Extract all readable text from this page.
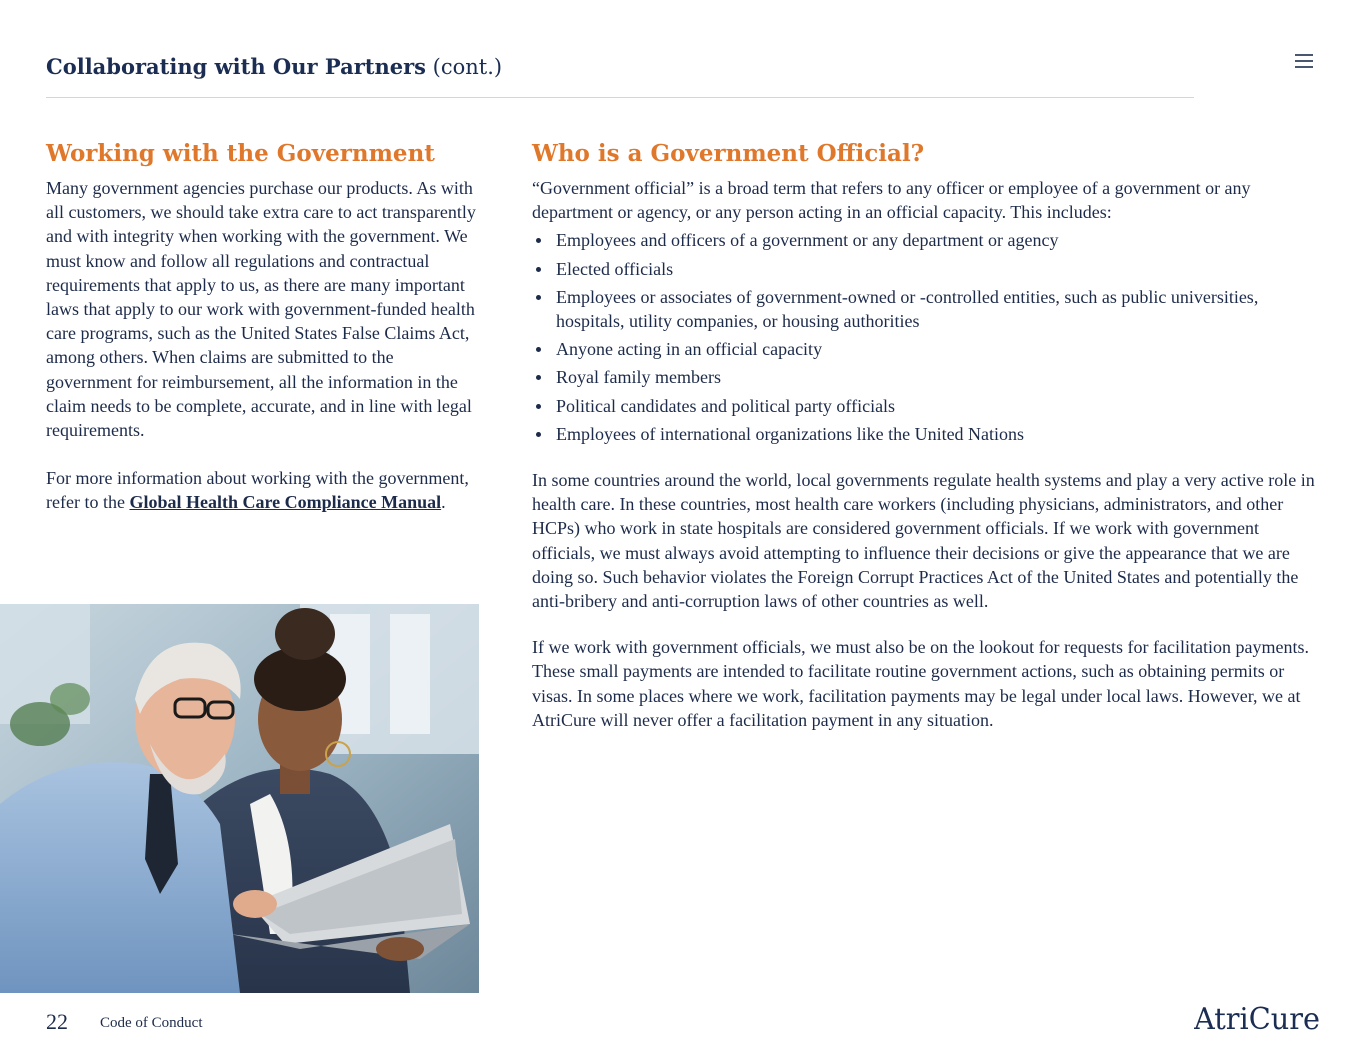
Collaborating with Our Partners (cont.)
Working with the Government

Many government agencies purchase our products. As with all customers, we should take extra care to act transparently and with integrity when working with the government. We must know and follow all regulations and contractual requirements that apply to us, as there are many important laws that apply to our work with government-funded health care programs, such as the United States False Claims Act, among others. When claims are submitted to the government for reimbursement, all the information in the claim needs to be complete, accurate, and in line with legal requirements.

For more information about working with the government, refer to the Global Health Care Compliance Manual.

Who is a Government Official?

“Government official” is a broad term that refers to any officer or employee of a government or any department or agency, or any person acting in an official capacity. This includes:

Employees and officers of a government or any department or agency
Elected officials
Employees or associates of government-owned or -controlled entities, such as public universities, hospitals, utility companies, or housing authorities
Anyone acting in an official capacity
Royal family members
Political candidates and political party officials
Employees of international organizations like the United Nations

In some countries around the world, local governments regulate health systems and play a very active role in health care. In these countries, most health care workers (including physicians, administrators, and other HCPs) who work in state hospitals are considered government officials. If we work with government officials, we must always avoid attempting to influence their decisions or give the appearance that we are doing so. Such behavior violates the Foreign Corrupt Practices Act of the United States and potentially the anti-bribery and anti-corruption laws of other countries as well.

If we work with government officials, we must also be on the lookout for requests for facilitation payments. These small payments are intended to facilitate routine government actions, such as obtaining permits or visas. In some places where we work, facilitation payments may be legal under local laws. However, we at AtriCure will never offer a facilitation payment in any situation.

22 Code of Conduct	AtriCure
